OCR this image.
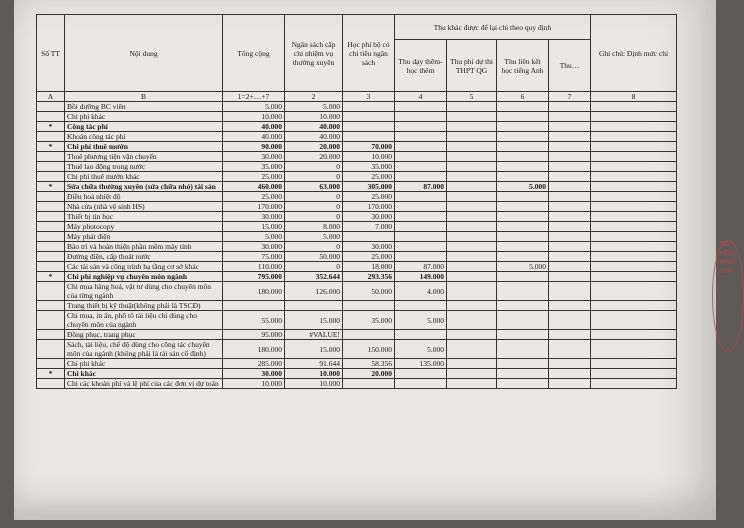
Số TT	Nội dung	Tổng cộng	Ngân sách cấp chi nhiệm vụ thường xuyên	Học phí bộ có chi tiêu ngân sách	Thu khác được để lại chi theo quy định				Ghi chú: Định mức chi
					Thu dạy thêm- học thêm	Thu phí dự thi THPT QG	Thu liên kết học tiếng Anh	Thu…	
A	B	1=2+…+7	2	3	4	5	6	7	8
	Bồi dưỡng BC viên	5.000	5.000						
	Chi phí khác	10.000	10.000						
*	Công tác phí	40.000	40.000						
	Khoán công tác phí	40.000	40.000						
*	Chi phí thuê mướn	90.000	20.000	70.000					
	Thuê phương tiện vận chuyển	30.000	20.000	10.000					
	Thuê lao động trong nước	35.000	0	35.000					
	Chi phí thuê mướn khác	25.000	0	25.000					
*	Sửa chữa thường xuyên (sửa chữa nhỏ) tài sản	460.000	63.000	305.000	87.000		5.000		
	Điều hoà nhiệt độ	25.000	0	25.000					
	Nhà cửa (nhà vệ sinh HS)	170.000	0	170.000					
	Thiết bị tin học	30.000	0	30.000					
	Máy photocopy	15.000	8.000	7.000					
	Máy phát điện	5.000	5.000						
	Bảo trì và hoàn thiện phần mềm máy tính	30.000	0	30.000					
	Đường điện, cấp thoát nước	75.000	50.000	25.000					
	Các tài sản và công trình hạ tầng cơ sở khác	110.000	0	18.000	87.000		5.000		
*	Chi phí nghiệp vụ chuyên môn ngành	795.000	352.644	293.356	149.000				
	Chi mua hàng hoá, vật tư dùng cho chuyên môn của từng ngành	180.000	126.000	50.000	4.000				
	Trang thiết bị kỹ thuật(không phải là TSCĐ)								
	Chi mua, in ấn, phô tô tài liệu chỉ dùng cho chuyên môn của ngành	55.000	15.000	35.000	5.000				
	Đồng phục, trang phục	95.000	#VALUE!						
	Sách, tài liệu, chế độ dùng cho công tác chuyên môn của ngành (không phải là tài sản cố định)	180.000	15.000	150.000	5.000				
	Chi phí khác	285.000	91.644	58.356	135.000				
*	Chi khác	30.000	10.000	20.000					
	Chi các khoản phí và lệ phí của các đơn vị dự toán	10.000	10.000						
NG HỌC ĐNG ỊNH
